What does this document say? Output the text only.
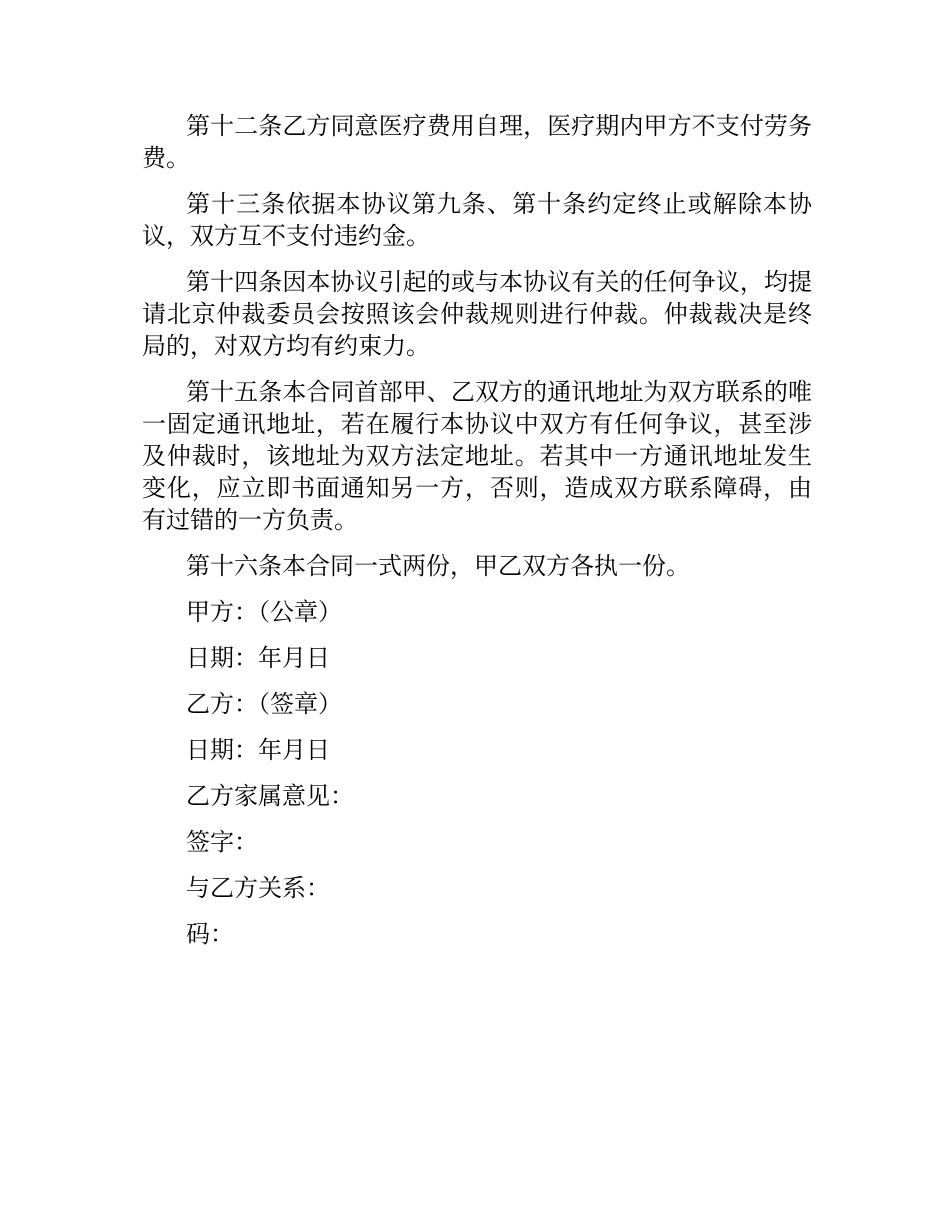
第十二条乙方同意医疗费用自理，医疗期内甲方不支付劳务费。

第十三条依据本协议第九条、第十条约定终止或解除本协议，双方互不支付违约金。

第十四条因本协议引起的或与本协议有关的任何争议，均提请北京仲裁委员会按照该会仲裁规则进行仲裁。仲裁裁决是终局的，对双方均有约束力。

第十五条本合同首部甲、乙双方的通讯地址为双方联系的唯一固定通讯地址，若在履行本协议中双方有任何争议，甚至涉及仲裁时，该地址为双方法定地址。若其中一方通讯地址发生变化，应立即书面通知另一方，否则，造成双方联系障碍，由有过错的一方负责。

第十六条本合同一式两份，甲乙双方各执一份。

甲方：（公章）

日期：年月日

乙方：（签章）

日期：年月日

乙方家属意见：

签字：

与乙方关系：

码：
